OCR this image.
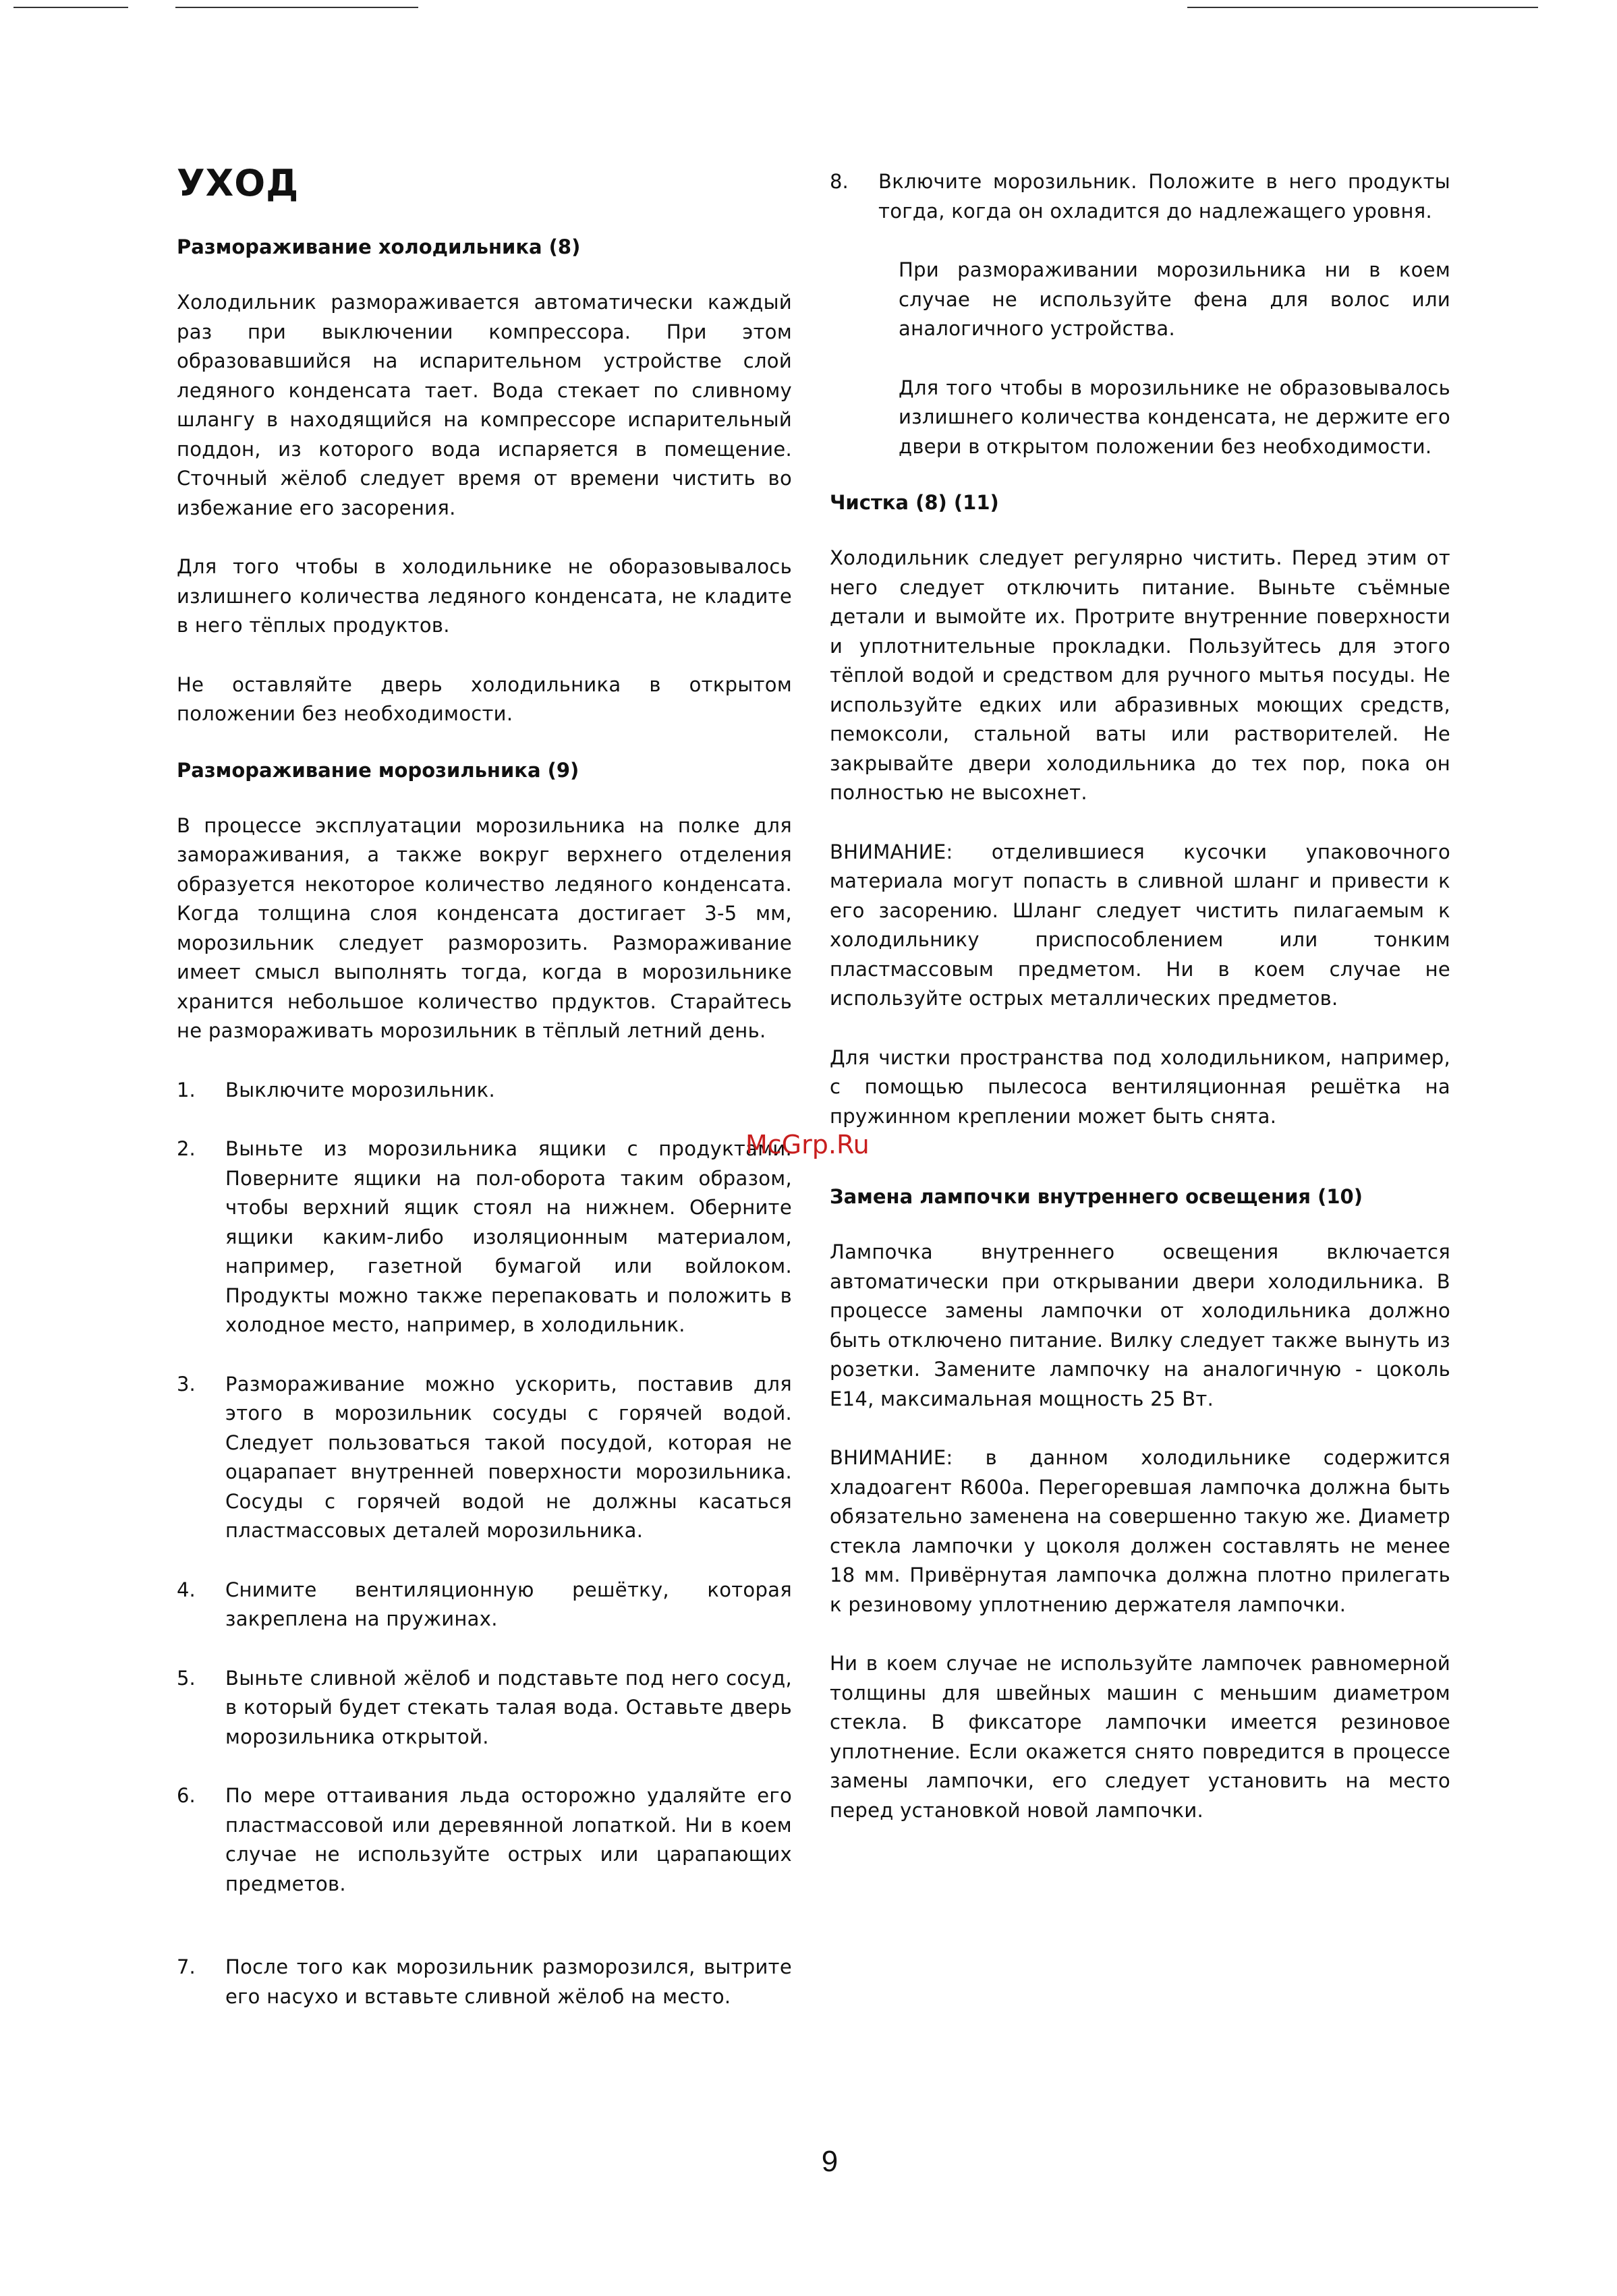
УХОД
Размораживание холодильника (8)

Холодильник размораживается автоматически каждый раз при выключении компрессора. При этом образовавшийся на испарительном устройстве слой ледяного конденсата тает. Вода стекает по сливному шлангу в находящийся на компрессоре испарительный поддон, из которого вода испаряется в помещение. Сточный жёлоб следует время от времени чистить во избежание его засорения.

Для того чтобы в холодильнике не оборазовывалось излишнего количества ледяного конденсата, не кладите в него тёплых продуктов.

Не оставляйте дверь холодильника в открытом положении без необходимости.

Размораживание морозильника (9)

В процессе эксплуатации морозильника на полке для замораживания, а также вокруг верхнего отделения образуется некоторое количество ледяного конденсата. Когда толщина слоя конденсата достигает 3-5 мм, морозильник следует разморозить. Размораживание имеет смысл выполнять тогда, когда в морозильнике хранится небольшое количество прдуктов. Старайтесь не размораживать морозильник в тёплый летний день.

1.	Выключите морозильник.
2.	Выньте из морозильника ящики с продуктами. Поверните ящики на пол-оборота таким образом, чтобы верхний ящик стоял на нижнем. Оберните ящики каким-либо изоляционным материалом, например, газетной бумагой или войлоком. Продукты можно также перепаковать и положить в холодное место, например, в холодильник.
3.	Размораживание можно ускорить, поставив для этого в морозильник сосуды с горячей водой. Следует пользоваться такой посудой, которая не оцарапает внутренней поверхности морозильника. Сосуды с горячей водой не должны касаться пластмассовых деталей морозильника.
4.	Снимите вентиляционную решётку, которая закреплена на пружинах.
5.	Выньте сливной жёлоб и подставьте под него сосуд, в который будет стекать талая вода. Оставьте дверь морозильника открытой.
6.	По мере оттаивания льда осторожно удаляйте его пластмассовой или деревянной лопаткой. Ни в коем случае не используйте острых или царапающих предметов.
7.	После того как морозильник разморозился, вытрите его насухо и вставьте сливной жёлоб на место.
8.	Включите морозильник. Положите в него продукты тогда, когда он охладится до надлежащего уровня.

При размораживании морозильника ни в коем случае не используйте фена для волос или аналогичного устройства.

Для того чтобы в морозильнике не образовывалось излишнего количества конденсата, не держите его двери в открытом положении без необходимости.

Чистка (8) (11)

Холодильник следует регулярно чистить. Перед этим от него следует отключить питание. Выньте съёмные детали и вымойте их. Протрите внутренние поверхности и уплотнительные прокладки. Пользуйтесь для этого тёплой водой и средством для ручного мытья посуды. Не используйте едких или абразивных моющих средств, пемоксоли, стальной ваты или растворителей. Не закрывайте двери холодильника до тех пор, пока он полностью не высохнет.

ВНИМАНИЕ: отделившиеся кусочки упаковочного материала могут попасть в сливной шланг и привести к его засорению. Шланг следует чистить пилагаемым к холодильнику приспособлением или тонким пластмассовым предметом. Ни в коем случае не используйте острых металлических предметов.

Для чистки пространства под холодильником, например, с помощью пылесоса вентиляционная решётка на пружинном креплении может быть снята.

Замена лампочки внутреннего освещения (10)

Лампочка внутреннего освещения включается автоматически при открывании двери холодильника. В процессе замены лампочки от холодильника должно быть отключено питание. Вилку следует также вынуть из розетки. Замените лампочку на аналогичную - цоколь Е14, максимальная мощность 25 Вт.

ВНИМАНИЕ: в данном холодильнике содержится хладоагент R600a. Перегоревшая лампочка должна быть обязательно заменена на совершенно такую же. Диаметр стекла лампочки у цоколя должен составлять не менее 18 мм. Привёрнутая лампочка должна плотно прилегать к резиновому уплотнению держателя лампочки.

Ни в коем случае не используйте лампочек равномерной толщины для швейных машин с меньшим диаметром стекла. В фиксаторе лампочки имеется резиновое уплотнение. Если окажется снято повредится в процессе замены лампочки, его следует установить на место перед установкой новой лампочки.

McGrp.Ru
9
